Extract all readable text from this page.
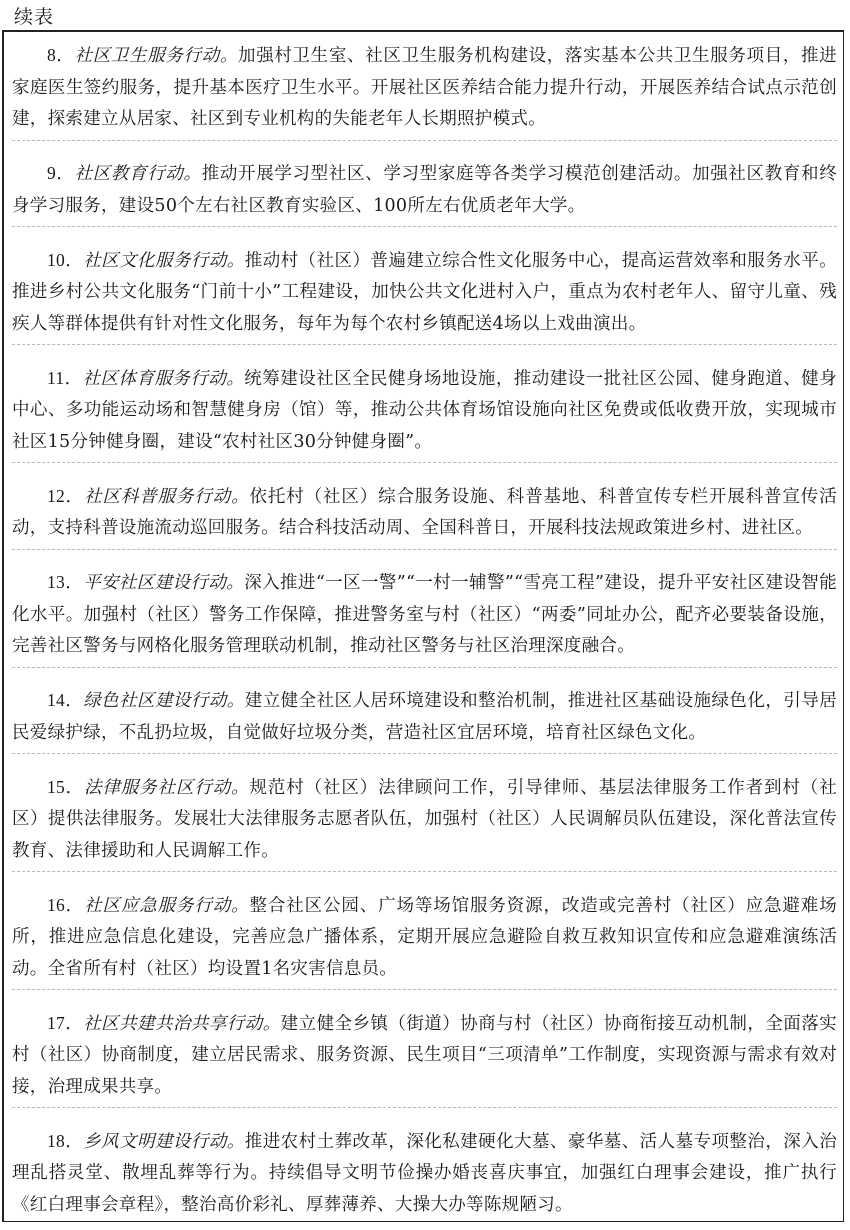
续表

8．社区卫生服务行动。加强村卫生室、社区卫生服务机构建设，落实基本公共卫生服务项目，推进家庭医生签约服务，提升基本医疗卫生水平。开展社区医养结合能力提升行动，开展医养结合试点示范创建，探索建立从居家、社区到专业机构的失能老年人长期照护模式。

9．社区教育行动。推动开展学习型社区、学习型家庭等各类学习模范创建活动。加强社区教育和终身学习服务，建设50个左右社区教育实验区、100所左右优质老年大学。

10．社区文化服务行动。推动村（社区）普遍建立综合性文化服务中心，提高运营效率和服务水平。推进乡村公共文化服务“门前十小”工程建设，加快公共文化进村入户，重点为农村老年人、留守儿童、残疾人等群体提供有针对性文化服务，每年为每个农村乡镇配送4场以上戏曲演出。

11．社区体育服务行动。统筹建设社区全民健身场地设施，推动建设一批社区公园、健身跑道、健身中心、多功能运动场和智慧健身房（馆）等，推动公共体育场馆设施向社区免费或低收费开放，实现城市社区15分钟健身圈，建设“农村社区30分钟健身圈”。

12．社区科普服务行动。依托村（社区）综合服务设施、科普基地、科普宣传专栏开展科普宣传活动，支持科普设施流动巡回服务。结合科技活动周、全国科普日，开展科技法规政策进乡村、进社区。

13．平安社区建设行动。深入推进“一区一警”“一村一辅警”“雪亮工程”建设，提升平安社区建设智能化水平。加强村（社区）警务工作保障，推进警务室与村（社区）“两委”同址办公，配齐必要装备设施，完善社区警务与网格化服务管理联动机制，推动社区警务与社区治理深度融合。

14．绿色社区建设行动。建立健全社区人居环境建设和整治机制，推进社区基础设施绿色化，引导居民爱绿护绿，不乱扔垃圾，自觉做好垃圾分类，营造社区宜居环境，培育社区绿色文化。

15．法律服务社区行动。规范村（社区）法律顾问工作，引导律师、基层法律服务工作者到村（社区）提供法律服务。发展壮大法律服务志愿者队伍，加强村（社区）人民调解员队伍建设，深化普法宣传教育、法律援助和人民调解工作。

16．社区应急服务行动。整合社区公园、广场等场馆服务资源，改造或完善村（社区）应急避难场所，推进应急信息化建设，完善应急广播体系，定期开展应急避险自救互救知识宣传和应急避难演练活动。全省所有村（社区）均设置1名灾害信息员。

17．社区共建共治共享行动。建立健全乡镇（街道）协商与村（社区）协商衔接互动机制，全面落实村（社区）协商制度，建立居民需求、服务资源、民生项目“三项清单”工作制度，实现资源与需求有效对接，治理成果共享。

18．乡风文明建设行动。推进农村土葬改革，深化私建硬化大墓、豪华墓、活人墓专项整治，深入治理乱搭灵堂、散埋乱葬等行为。持续倡导文明节俭操办婚丧喜庆事宜，加强红白理事会建设，推广执行《红白理事会章程》，整治高价彩礼、厚葬薄养、大操大办等陈规陋习。
